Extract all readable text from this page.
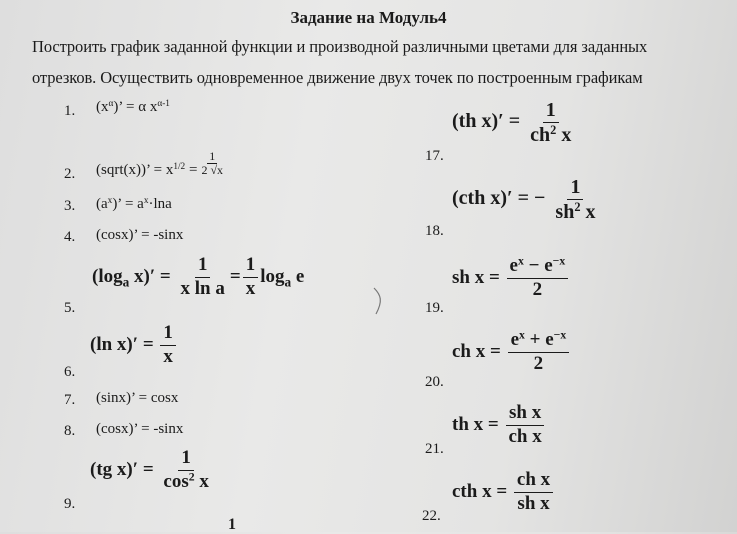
Задание на Модуль4
Построить график заданной функции и производной различными цветами для заданных
отрезков. Осуществить одновременное движение двух точек по построенным графикам
1. $(x^\alpha)$’ = α $x^{\alpha-1}$
2. (sqrt(x))’ = $x^{1/2} = \frac{1}{2 √x}$
3. $(a^x)$’ = $a^x\cdot\ln a$
4. (cosx)’ = -sinx
5.
($\log_a$ $x)' = \frac{1}{\text{x ln a}} = \frac{1}{x} \log_a e$
6.
(ln $x)' = \frac{1}{x}$
7. (sinx)’ = cosx
8. (cosx)’ = -sinx
9.
(tg $x)' = \frac{1}{\cos^2 x}$
1
17.
(th $x)' = \frac{1}{ch^2 x}$
18.
(cth x)′ = − $\frac{1}{sh^2 x}$
19.
sh $x = \frac{e^x - e^{-x}}{2}$
20.
ch $x = \frac{e^x + e^{-x}}{2}$
21.
th $x = \frac{\text{sh x}}{\text{ch x}}$
22.
cth $x = \frac{\text{ch x}}{\text{sh x}}$
